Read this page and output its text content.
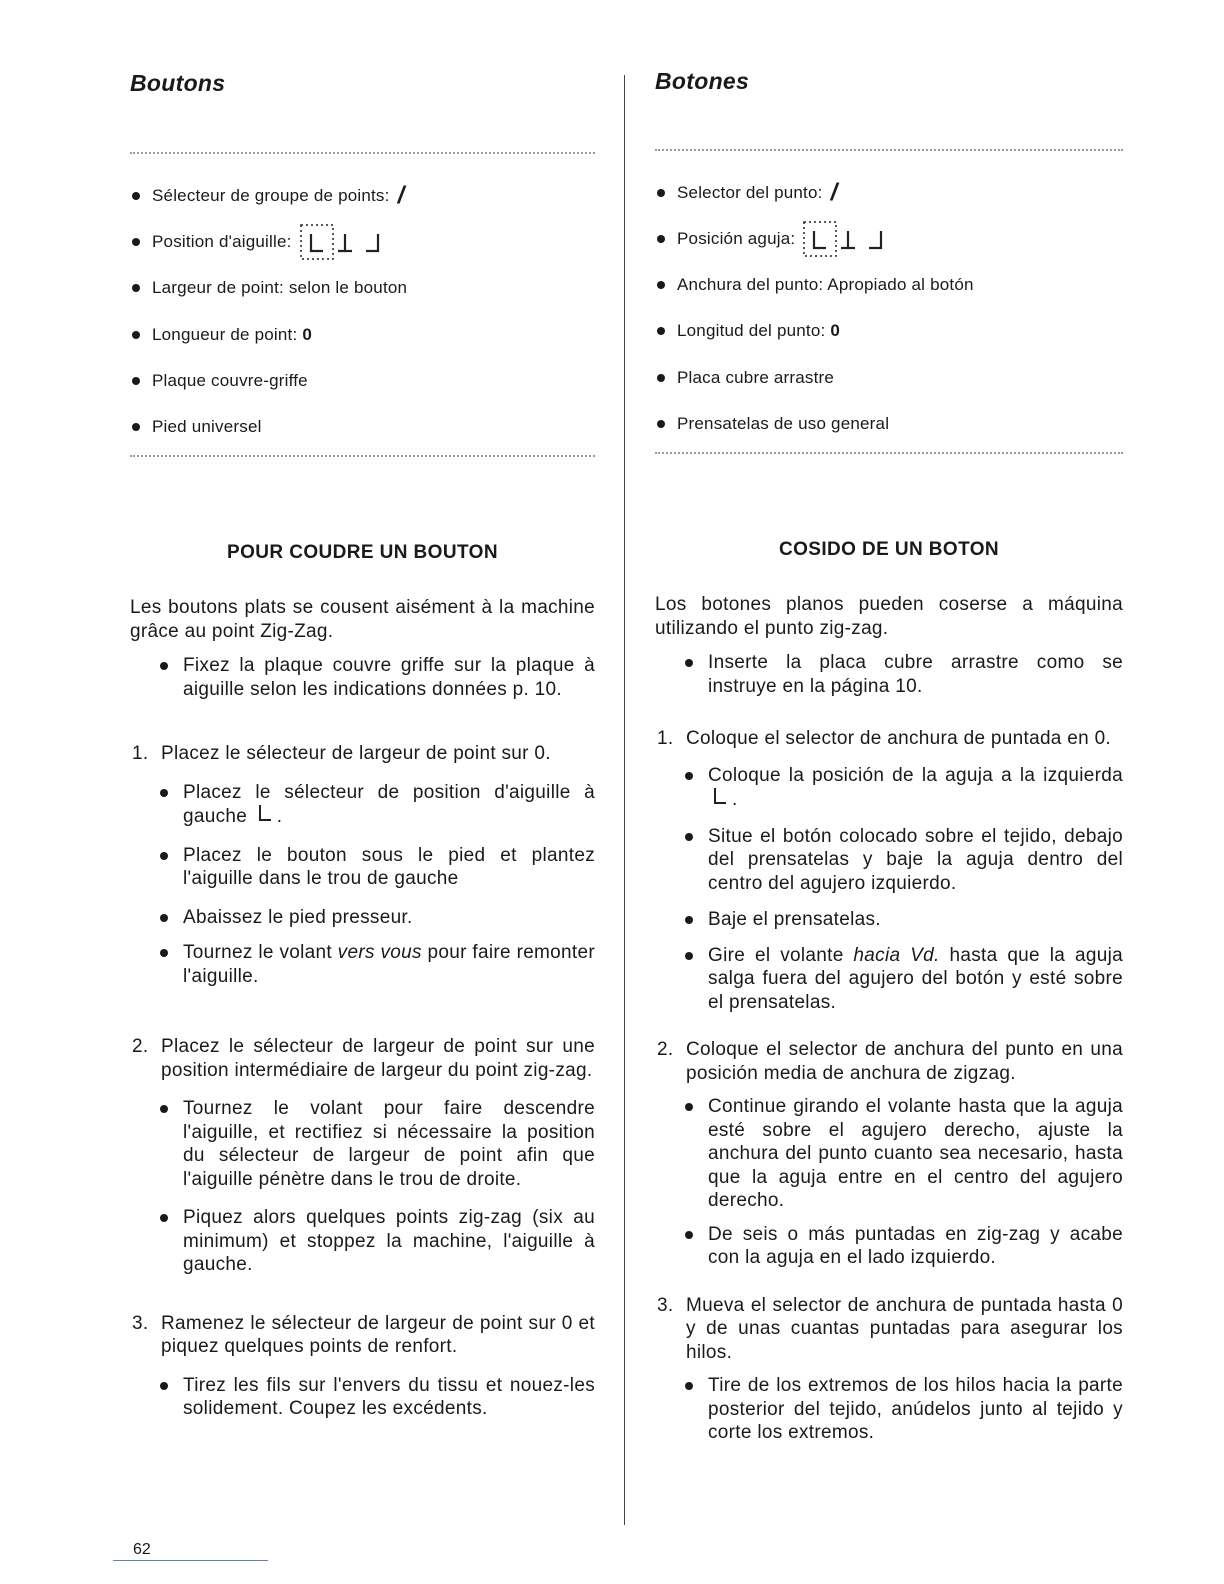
Boutons
Sélecteur de groupe de points: /
Position d'aiguille:
Largeur de point: selon le bouton
Longueur de point:
0
Plaque couvre-griffe
Pied universel
POUR COUDRE UN BOUTON

Les boutons plats se cousent aisément à la machine grâce au point Zig-Zag.

Fixez la plaque couvre griffe sur la plaque à aiguille selon les indications données p. 10.

1. Placez le sélecteur de largeur de point sur 0.

Placez le sélecteur de position d'aiguille à gauche .

Placez le bouton sous le pied et plantez l'aiguille dans le trou de gauche

Abaissez le pied presseur.

Tournez le volant vers vous pour faire remonter l'aiguille.

2. Placez le sélecteur de largeur de point sur une position intermédiaire de largeur du point zig-zag.

Tournez le volant pour faire descendre l'aiguille, et rectifiez si nécessaire la position du sélecteur de largeur de point afin que l'aiguille pénètre dans le trou de droite.

Piquez alors quelques points zig-zag (six au minimum) et stoppez la machine, l'aiguille à gauche.

3. Ramenez le sélecteur de largeur de point sur 0 et piquez quelques points de renfort.

Tirez les fils sur l'envers du tissu et nouez-les solidement. Coupez les excédents.

Botones
Selector del punto: /
Posición aguja:
Anchura del punto: Apropiado al botón
Longitud del punto:
0
Placa cubre arrastre
Prensatelas de uso general
COSIDO DE UN BOTON

Los botones planos pueden coserse a máquina utilizando el punto zig-zag.

Inserte la placa cubre arrastre como se instruye en la página 10.

1. Coloque el selector de anchura de puntada en 0.

Coloque la posición de la aguja a la izquierda .

Situe el botón colocado sobre el tejido, debajo del prensatelas y baje la aguja dentro del centro del agujero izquierdo.

Baje el prensatelas.

Gire el volante hacia Vd. hasta que la aguja salga fuera del agujero del botón y esté sobre el prensatelas.

2. Coloque el selector de anchura del punto en una posición media de anchura de zigzag.

Continue girando el volante hasta que la aguja esté sobre el agujero derecho, ajuste la anchura del punto cuanto sea necesario, hasta que la aguja entre en el centro del agujero derecho.

De seis o más puntadas en zig-zag y acabe con la aguja en el lado izquierdo.

3. Mueva el selector de anchura de puntada hasta 0 y de unas cuantas puntadas para asegurar los hilos.

Tire de los extremos de los hilos hacia la parte posterior del tejido, anúdelos junto al tejido y corte los extremos.

62
